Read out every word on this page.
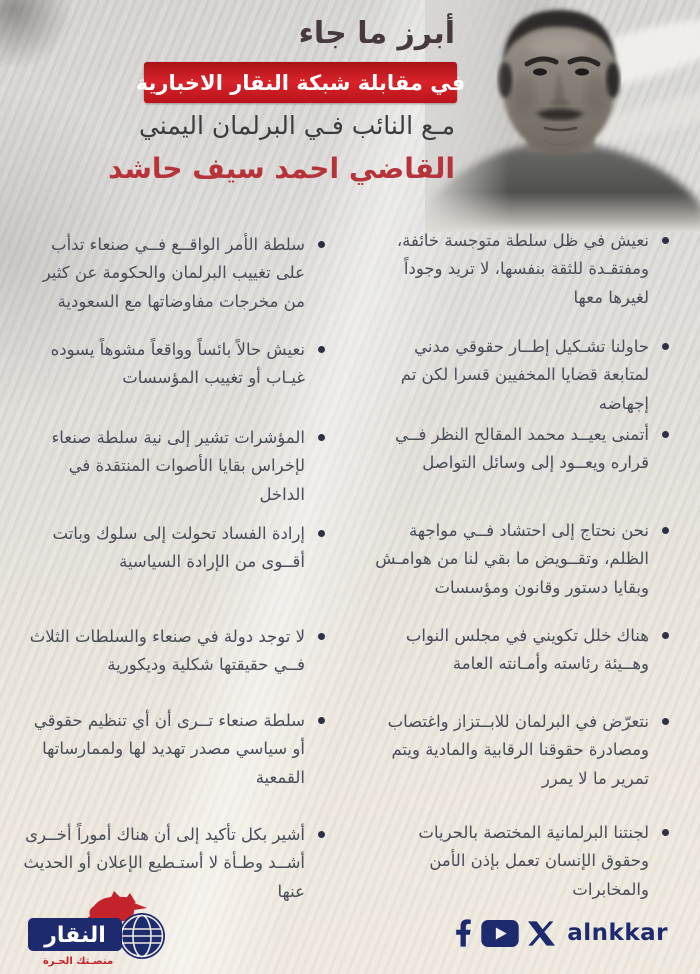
أبرز ما جاء
في مقابلة شبكة النقار الاخبارية
مـع النائب فـي البرلمان اليمني
القاضي احمد سيف حاشد
نعيش في ظل سلطة متوجسة خائفة، ومفتقـدة للثقة بنفسها، لا تريد وجوداً لغيرها معها
حاولنا تشـكيل إطــار حقوقي مدني لمتابعة قضايا المخفيين قسرا لكن تم إجهاضه
أتمنى يعيــد محمد المقالح النظر فــي قراره ويعــود إلى وسائل التواصل
نحن نحتاج إلى احتشاد فــي مواجهة الظلم، وتقــويض ما بقي لنا من هوامـش وبقايا دستور وقانون ومؤسسات
هناك خلل تكويني في مجلس النواب وهــيئة رئاسته وأمـانته العامة
نتعرّض في البرلمان للابــتزاز واغتصاب ومصادرة حقوقنا الرقابية والمادية ويتم تمرير ما لا يمرر
لجنتنا البرلمانية المختصة بالحريات وحقوق الإنسان تعمل بإذن الأمن والمخابرات
سلطة الأمر الواقــع فــي صنعاء تدأب على تغييب البرلمان والحكومة عن كثير من مخرجات مفاوضاتها مع السعودية
نعيش حالاً بائساً وواقعاً مشوهاً يسوده غيـاب أو تغييب المؤسسات
المؤشرات تشير إلى نية سلطة صنعاء لإخراس بقايا الأصوات المنتقدة في الداخل
إرادة الفساد تحولت إلى سلوك وباتت أقــوى من الإرادة السياسية
لا توجد دولة في صنعاء والسلطات الثلاث فــي حقيقتها شكلية وديكورية
سلطة صنعاء تــرى أن أي تنظيم حقوقي أو سياسي مصدر تهديد لها ولممارساتها القمعية
أشير بكل تأكيد إلى أن هناك أموراً أخــرى أشــد وطـأة لا أستـطيع الإعلان أو الحديث عنها
النقار
منصـتك الحـرة
alnkkar
